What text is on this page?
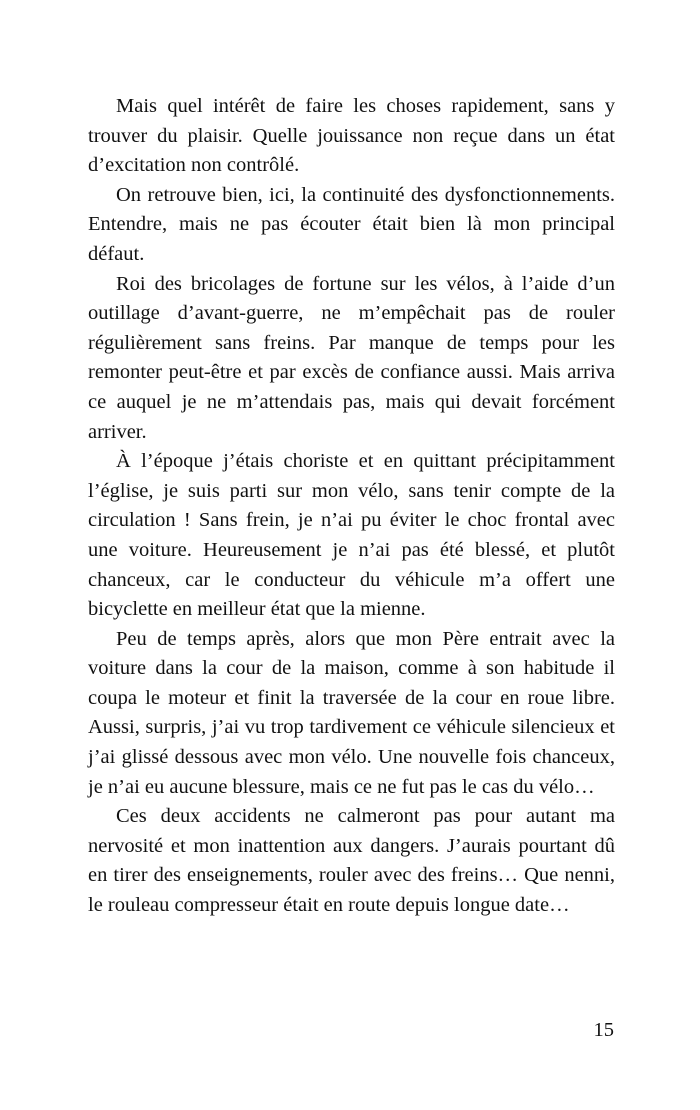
Mais quel intérêt de faire les choses rapidement, sans y trouver du plaisir. Quelle jouissance non reçue dans un état d’excitation non contrôlé.

On retrouve bien, ici, la continuité des dysfonctionnements. Entendre, mais ne pas écouter était bien là mon principal défaut.

Roi des bricolages de fortune sur les vélos, à l’aide d’un outillage d’avant-guerre, ne m’empêchait pas de rouler régulièrement sans freins. Par manque de temps pour les remonter peut-être et par excès de confiance aussi. Mais arriva ce auquel je ne m’attendais pas, mais qui devait forcément arriver.

À l’époque j’étais choriste et en quittant précipitamment l’église, je suis parti sur mon vélo, sans tenir compte de la circulation ! Sans frein, je n’ai pu éviter le choc frontal avec une voiture. Heureusement je n’ai pas été blessé, et plutôt chanceux, car le conducteur du véhicule m’a offert une bicyclette en meilleur état que la mienne.

Peu de temps après, alors que mon Père entrait avec la voiture dans la cour de la maison, comme à son habitude il coupa le moteur et finit la traversée de la cour en roue libre. Aussi, surpris, j’ai vu trop tardivement ce véhicule silencieux et j’ai glissé dessous avec mon vélo. Une nouvelle fois chanceux, je n’ai eu aucune blessure, mais ce ne fut pas le cas du vélo…

Ces deux accidents ne calmeront pas pour autant ma nervosité et mon inattention aux dangers. J’aurais pourtant dû en tirer des enseignements, rouler avec des freins… Que nenni, le rouleau compresseur était en route depuis longue date…

15
